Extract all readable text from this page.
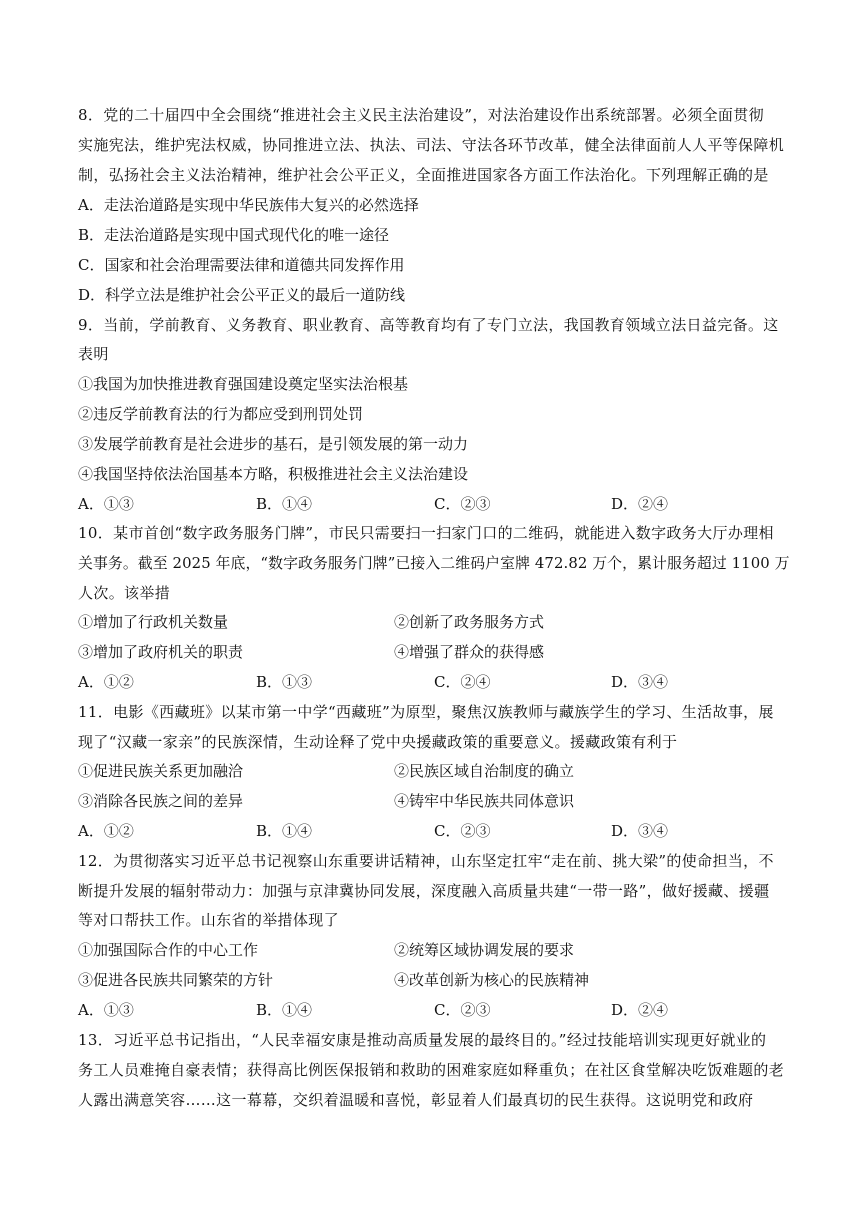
8．党的二十届四中全会围绕“推进社会主义民主法治建设”，对法治建设作出系统部署。必须全面贯彻
实施宪法，维护宪法权威，协同推进立法、执法、司法、守法各环节改革，健全法律面前人人平等保障机
制，弘扬社会主义法治精神，维护社会公平正义，全面推进国家各方面工作法治化。下列理解正确的是
A．走法治道路是实现中华民族伟大复兴的必然选择
B．走法治道路是实现中国式现代化的唯一途径
C．国家和社会治理需要法律和道德共同发挥作用
D．科学立法是维护社会公平正义的最后一道防线
9．当前，学前教育、义务教育、职业教育、高等教育均有了专门立法，我国教育领域立法日益完备。这
表明
①我国为加快推进教育强国建设奠定坚实法治根基
②违反学前教育法的行为都应受到刑罚处罚
③发展学前教育是社会进步的基石，是引领发展的第一动力
④我国坚持依法治国基本方略，积极推进社会主义法治建设
A．①③	B．①④	C．②③	D．②④
10．某市首创“数字政务服务门牌”，市民只需要扫一扫家门口的二维码，就能进入数字政务大厅办理相
关事务。截至 2025 年底，“数字政务服务门牌”已接入二维码户室牌 472.82 万个，累计服务超过 1100 万
人次。该举措
①增加了行政机关数量	②创新了政务服务方式
③增加了政府机关的职责	④增强了群众的获得感
A．①②	B．①③	C．②④	D．③④
11．电影《西藏班》以某市第一中学“西藏班”为原型，聚焦汉族教师与藏族学生的学习、生活故事，展
现了“汉藏一家亲”的民族深情，生动诠释了党中央援藏政策的重要意义。援藏政策有利于
①促进民族关系更加融洽	②民族区域自治制度的确立
③消除各民族之间的差异	④铸牢中华民族共同体意识
A．①②	B．①④	C．②③	D．③④
12．为贯彻落实习近平总书记视察山东重要讲话精神，山东坚定扛牢“走在前、挑大梁”的使命担当，不
断提升发展的辐射带动力：加强与京津冀协同发展，深度融入高质量共建“一带一路”，做好援藏、援疆
等对口帮扶工作。山东省的举措体现了
①加强国际合作的中心工作	②统筹区域协调发展的要求
③促进各民族共同繁荣的方针	④改革创新为核心的民族精神
A．①③	B．①④	C．②③	D．②④
13．习近平总书记指出，“人民幸福安康是推动高质量发展的最终目的。”经过技能培训实现更好就业的
务工人员难掩自豪表情；获得高比例医保报销和救助的困难家庭如释重负；在社区食堂解决吃饭难题的老
人露出满意笑容……这一幕幕，交织着温暖和喜悦，彰显着人们最真切的民生获得。这说明党和政府
